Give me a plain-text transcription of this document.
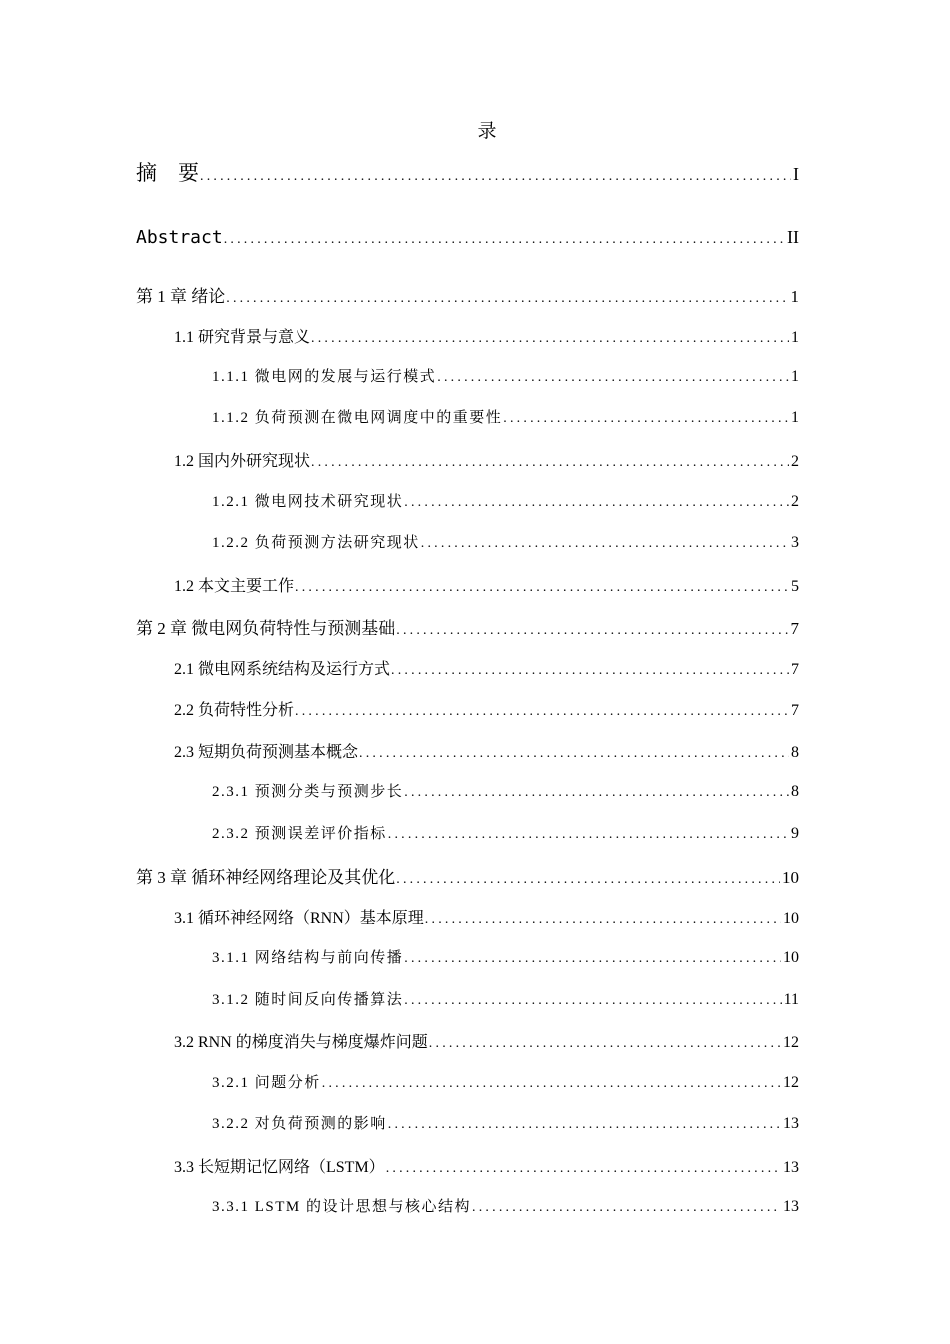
录
摘　要 .....	I
Abstract .....	II
第 1 章 绪论 .....	1
1.1 研究背景与意义 .....	1
1.1.1 微电网的发展与运行模式 .....	1
1.1.2 负荷预测在微电网调度中的重要性 .....	1
1.2 国内外研究现状 .....	2
1.2.1 微电网技术研究现状 .....	2
1.2.2 负荷预测方法研究现状 .....	3
1.2 本文主要工作 .....	5
第 2 章 微电网负荷特性与预测基础 .....	7
2.1 微电网系统结构及运行方式 .....	7
2.2 负荷特性分析 .....	7
2.3 短期负荷预测基本概念 .....	8
2.3.1 预测分类与预测步长 .....	8
2.3.2 预测误差评价指标 .....	9
第 3 章 循环神经网络理论及其优化 .....	10
3.1 循环神经网络（RNN）基本原理 .....	10
3.1.1 网络结构与前向传播 .....	10
3.1.2 随时间反向传播算法 .....	11
3.2 RNN 的梯度消失与梯度爆炸问题 .....	12
3.2.1 问题分析 .....	12
3.2.2 对负荷预测的影响 .....	13
3.3 长短期记忆网络（LSTM） .....	13
3.3.1 LSTM 的设计思想与核心结构 .....	13
